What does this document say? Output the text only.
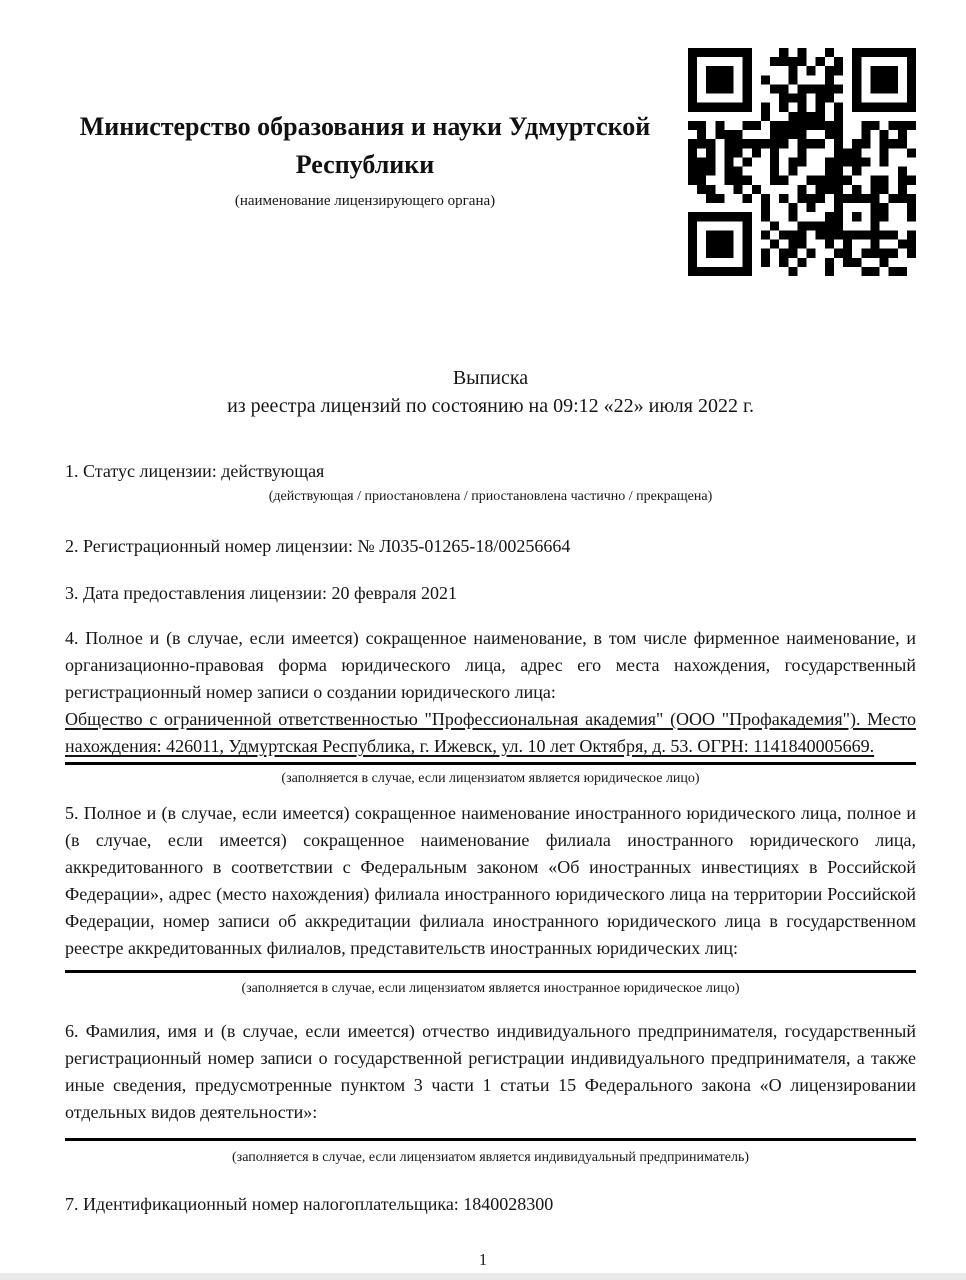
Министерство образования и науки Удмуртской Республики
(наименование лицензирующего органа)
Выписка
из реестра лицензий по состоянию на 09:12 «22» июля 2022 г.
1. Статус лицензии: действующая
(действующая / приостановлена / приостановлена частично / прекращена)
2. Регистрационный номер лицензии: № Л035-01265-18/00256664
3. Дата предоставления лицензии: 20 февраля 2021
4. Полное и (в случае, если имеется) сокращенное наименование, в том числе фирменное наименование, и организационно-правовая форма юридического лица, адрес его места нахождения, государственный регистрационный номер записи о создании юридического лица:
Общество с ограниченной ответственностью "Профессиональная академия" (ООО "Профакадемия"). Место нахождения: 426011, Удмуртская Республика, г. Ижевск, ул. 10 лет Октября, д. 53. ОГРН: 1141840005669.
(заполняется в случае, если лицензиатом является юридическое лицо)
5. Полное и (в случае, если имеется) сокращенное наименование иностранного юридического лица, полное и (в случае, если имеется) сокращенное наименование филиала иностранного юридического лица, аккредитованного в соответствии с Федеральным законом «Об иностранных инвестициях в Российской Федерации», адрес (место нахождения) филиала иностранного юридического лица на территории Российской Федерации, номер записи об аккредитации филиала иностранного юридического лица в государственном реестре аккредитованных филиалов, представительств иностранных юридических лиц:
(заполняется в случае, если лицензиатом является иностранное юридическое лицо)
6. Фамилия, имя и (в случае, если имеется) отчество индивидуального предпринимателя, государственный регистрационный номер записи о государственной регистрации индивидуального предпринимателя, а также иные сведения, предусмотренные пунктом 3 части 1 статьи 15 Федерального закона «О лицензировании отдельных видов деятельности»:
(заполняется в случае, если лицензиатом является индивидуальный предприниматель)
7. Идентификационный номер налогоплательщика: 1840028300
1
